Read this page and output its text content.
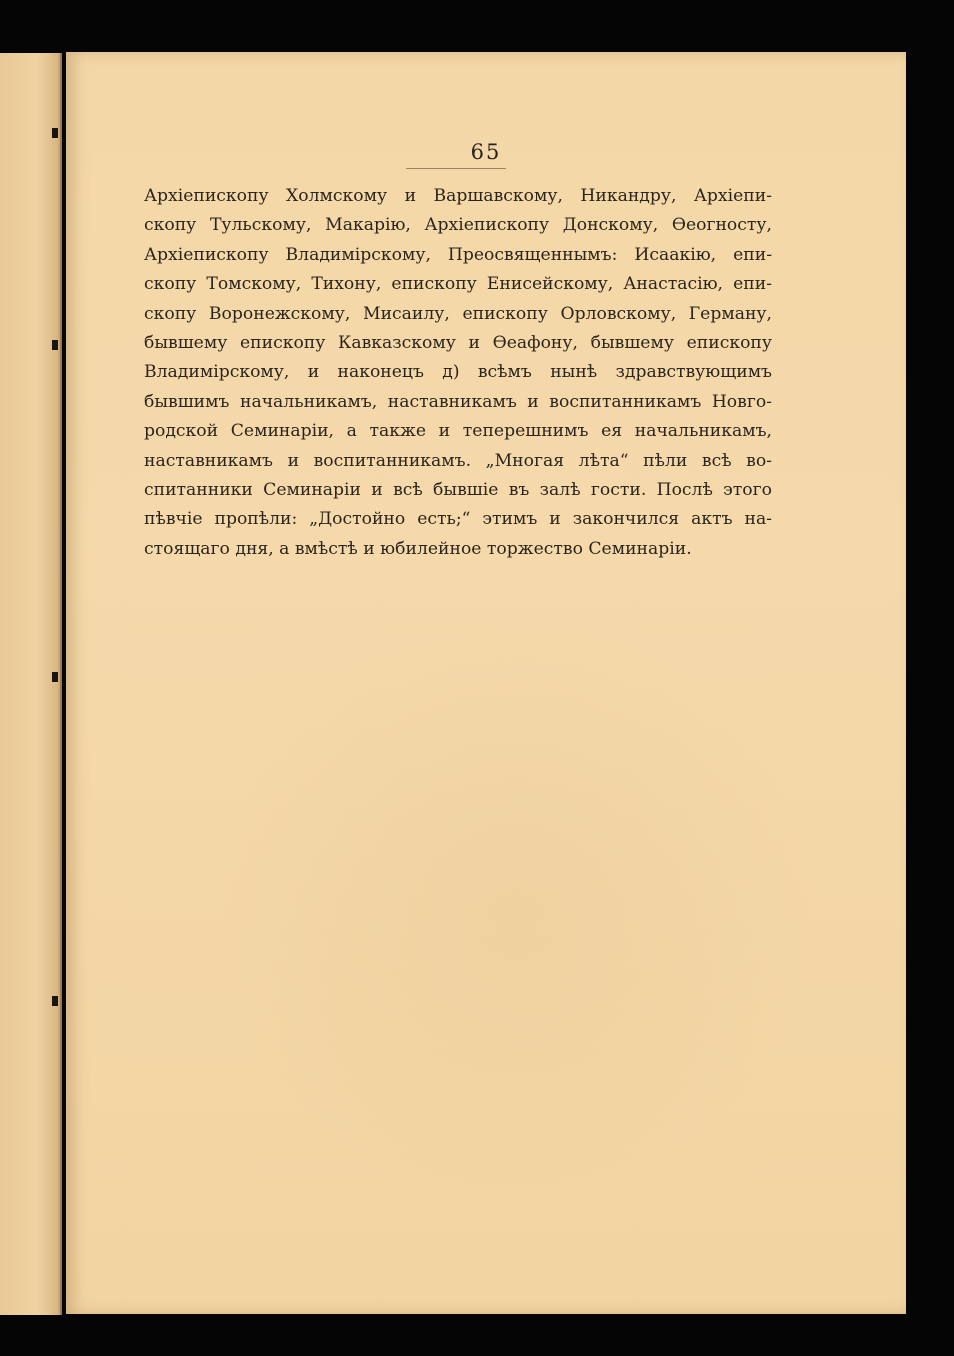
65
Архіепископу Холмскому и Варшавскому, Никандру, Архіепи-
скопу Тульскому, Макарію, Архіепископу Донскому, Өеогносту,
Архіепископу Владимірскому, Преосвященнымъ: Исаакію, епи-
скопу Томскому, Тихону, епископу Енисейскому, Анастасію, епи-
скопу Воронежскому, Мисаилу, епископу Орловскому, Герману,
бывшему епископу Кавказскому и Өеафону, бывшему епископу
Владимірскому, и наконецъ д) всѣмъ нынѣ здравствующимъ
бывшимъ начальникамъ, наставникамъ и воспитанникамъ Новго-
родской Семинаріи, а также и теперешнимъ ея начальникамъ,
наставникамъ и воспитанникамъ. „Многая лѣта“ пѣли всѣ во-
спитанники Семинаріи и всѣ бывшіе въ залѣ гости. Послѣ этого
пѣвчіе пропѣли: „Достойно есть;“ этимъ и закончился актъ на-
стоящаго дня, а вмѣстѣ и юбилейное торжество Семинаріи.
